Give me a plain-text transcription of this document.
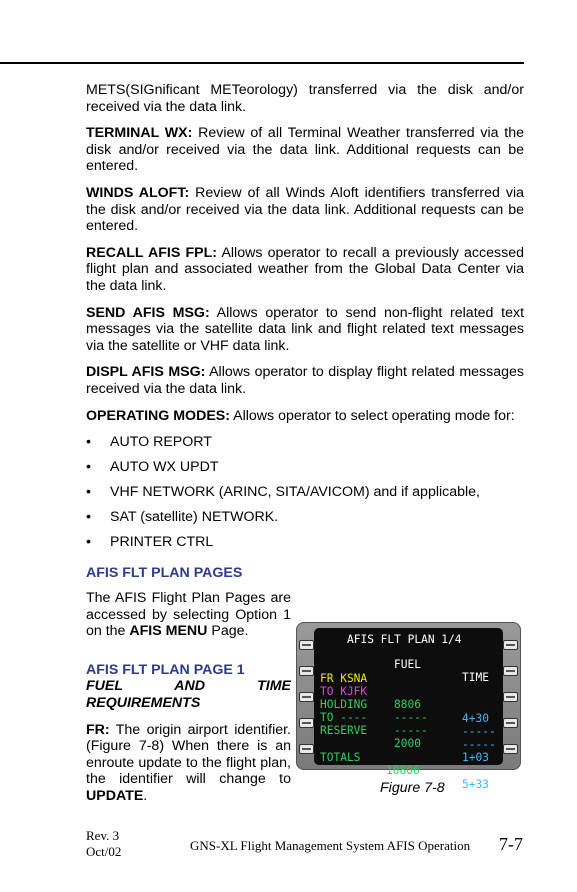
METS(SIGnificant METeorology) transferred via the disk and/or received via the data link.

TERMINAL WX: Review of all Terminal Weather transferred via the disk and/or received via the data link. Additional requests can be entered.

WINDS ALOFT: Review of all Winds Aloft identifiers transferred via the disk and/or received via the data link. Additional requests can be entered.

RECALL AFIS FPL: Allows operator to recall a previously accessed flight plan and associated weather from the Global Data Center via the data link.

SEND AFIS MSG: Allows operator to send non-flight related text messages via the satellite data link and flight related text messages via the satellite or VHF data link.

DISPL AFIS MSG: Allows operator to display flight related messages received via the data link.

OPERATING MODES: Allows operator to select operating mode for:

• AUTO REPORT
• AUTO WX UPDT
• VHF NETWORK (ARINC, SITA/AVICOM) and if applicable,
• SAT (satellite) NETWORK.
• PRINTER CTRL
AFIS FLT PLAN PAGES

The AFIS Flight Plan Pages are accessed by selecting Option 1 on the AFIS MENU Page.

AFIS FLT PLAN PAGE 1

FUEL AND TIME REQUIREMENTS

FR: The origin airport identifier. (Figure 7-8) When there is an enroute update to the flight plan, the identifier will change to UPDATE.

AFIS FLT PLAN 1/4

FUEL

TIME

FR KSNA

TO KJFK

8806

4+30

HOLDING

-----

-----

TO ----

-----

-----

RESERVE

2000

1+03

TOTALS

10806

5+33

Figure 7-8
Rev. 3
Oct/02	GNS-XL Flight Management System AFIS Operation 7-7
